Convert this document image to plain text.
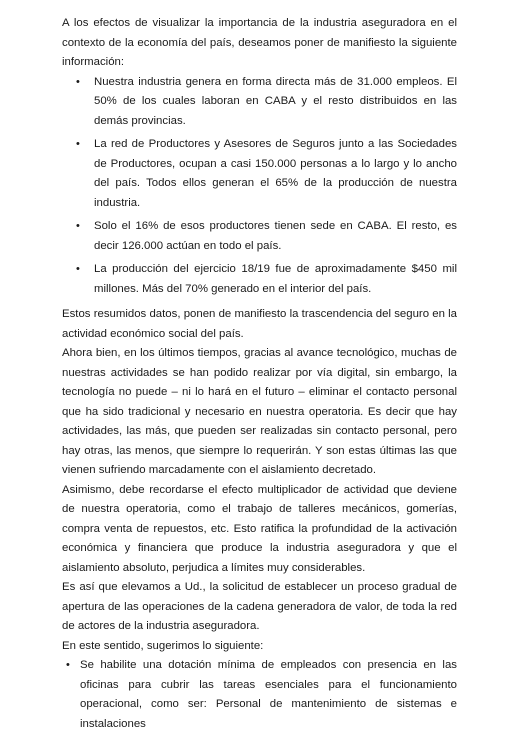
A los efectos de visualizar la importancia de la industria aseguradora en el contexto de la economía del país, deseamos poner de manifiesto la siguiente información:

• Nuestra industria genera en forma directa más de 31.000 empleos. El 50% de los cuales laboran en CABA y el resto distribuidos en las demás provincias.
• La red de Productores y Asesores de Seguros junto a las Sociedades de Productores, ocupan a casi 150.000 personas a lo largo y lo ancho del país. Todos ellos generan el 65% de la producción de nuestra industria.
• Solo el 16% de esos productores tienen sede en CABA. El resto, es decir 126.000 actúan en todo el país.
• La producción del ejercicio 18/19 fue de aproximadamente $450 mil millones. Más del 70% generado en el interior del país.

Estos resumidos datos, ponen de manifiesto la trascendencia del seguro en la actividad económico social del país.

Ahora bien, en los últimos tiempos, gracias al avance tecnológico, muchas de nuestras actividades se han podido realizar por vía digital, sin embargo, la tecnología no puede – ni lo hará en el futuro – eliminar el contacto personal que ha sido tradicional y necesario en nuestra operatoria. Es decir que hay actividades, las más, que pueden ser realizadas sin contacto personal, pero hay otras, las menos, que siempre lo requerirán. Y son estas últimas las que vienen sufriendo marcadamente con el aislamiento decretado.

Asimismo, debe recordarse el efecto multiplicador de actividad que deviene de nuestra operatoria, como el trabajo de talleres mecánicos, gomerías, compra venta de repuestos, etc. Esto ratifica la profundidad de la activación económica y financiera que produce la industria aseguradora y que el aislamiento absoluto, perjudica a límites muy considerables.

Es así que elevamos a Ud., la solicitud de establecer un proceso gradual de apertura de las operaciones de la cadena generadora de valor, de toda la red de actores de la industria aseguradora.

En este sentido, sugerimos lo siguiente:

• Se habilite una dotación mínima de empleados con presencia en las oficinas para cubrir las tareas esenciales para el funcionamiento operacional, como ser: Personal de mantenimiento de sistemas e instalaciones
